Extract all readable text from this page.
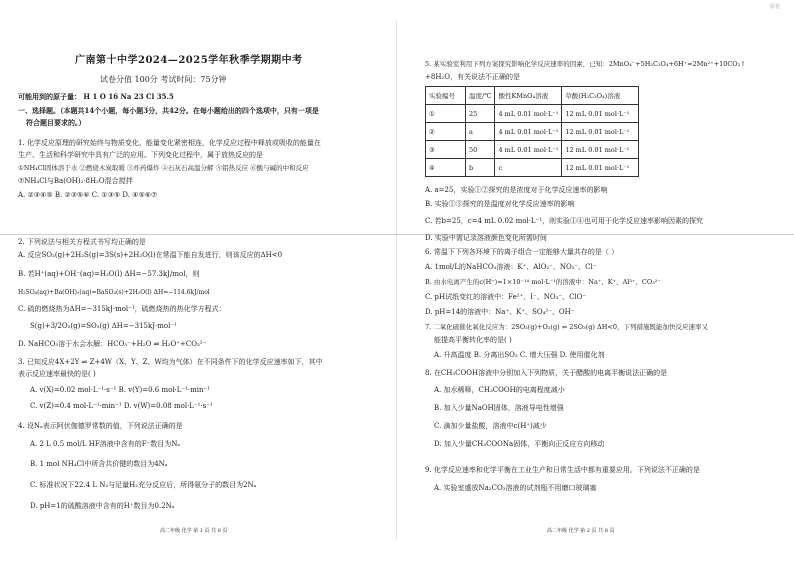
原卷
广南第十中学2024—2025学年秋季学期期中考
试卷分值 100分 考试时间：75分钟
可能用到的原子量： H 1 O 16 Na 23 Cl 35.5
一、选择题。（本题共14个小题，每小题3分，共42分。在每小题给出的四个选项中，只有一项是
符合题目要求的。）
1. 化学反应原理的研究始终与物质变化、能量变化紧密相连，化学反应过程中释放或吸收的能量在
生产、生活和科学研究中具有广泛的应用。下列变化过程中，属于放热反应的是
①NH₄Cl固体溶于水 ②燃烧木炭取暖 ③炸药爆炸 ④石灰石高温分解 ⑤铝热反应 ⑥酸与碱的中和反应
⑦NH₄Cl与Ba(OH)₂·8H₂O混合搅拌
A. ②③④⑤ B. ②③⑤⑥ C. ①③⑤ D. ④⑤⑥⑦
2. 下列说法与相关方程式书写均正确的是
A. 反应SO₂(g)+2H₂S(g)=3S(s)+2H₂O(l)在常温下能自发进行，则该反应的ΔH<0
B. 若H⁺(aq)+OH⁻(aq)=H₂O(l) ΔH=−57.3kJ/mol，则
H₂SO₄(aq)+Ba(OH)₂(aq)=BaSO₄(s)+2H₂O(l) ΔH=−114.6kJ/mol
C. 硫的燃烧热为ΔH=−315kJ·mol⁻¹，硫燃烧热的热化学方程式：
S(g)+3/2O₂(g)=SO₃(g) ΔH=−315kJ·mol⁻¹
D. NaHCO₃溶于水会水解：HCO₃⁻+H₂O ⇌ H₃O⁺+CO₃²⁻
3. 已知反应4X+2Y ⇌ Z+4W（X、Y、Z、W均为气体）在不同条件下的化学反应速率如下，其中
表示反应速率最快的是( )
A. v(X)=0.02 mol·L⁻¹·s⁻¹ B. v(Y)=0.6 mol·L⁻¹·min⁻¹
C. v(Z)=0.4 mol·L⁻¹·min⁻¹ D. v(W)=0.08 mol·L⁻¹·s⁻¹
4. 设Nₐ表示阿伏伽德罗常数的值，下列说法正确的是
A. 2 L 0.5 mol/L HF溶液中含有的F⁻数目为Nₐ
B. 1 mol NH₄Cl中所含共价键的数目为4Nₐ
C. 标准状况下22.4 L N₂与足量H₂充分反应后，所得氨分子的数目为2Nₐ
D. pH=1的硫酸溶液中含有的H⁺数目为0.2Nₐ
高二年级 化学 第 1 页 共 8 页
5. 某实验室利用下列方案探究影响化学反应速率的因素，已知：2MnO₄⁻+5H₂C₂O₄+6H⁺=2Mn²⁺+10CO₂↑
+8H₂O，有关说法不正确的是
A. a=25，实验①②探究的是浓度对于化学反应速率的影响
B. 实验①③探究的是温度对化学反应速率的影响
C. 若b=25，c=4 mL 0.02 mol·L⁻¹，则实验①④也可用于化学反应速率影响因素的探究
D. 实验中需记录溶液颜色变化所需时间
6. 常温下下列各环境下的离子组合一定能够大量共存的是（ ）
A. 1mol/L的NaHCO₃溶液：K⁺、AlO₂⁻、NO₃⁻、Cl⁻
B. 由水电离产生的c(H⁺)=1×10⁻¹⁴ mol·L⁻¹的溶液中：Na⁺、K⁺、Al³⁺、CO₃²⁻
C. pH试纸变红的溶液中：Fe²⁺、I⁻、NO₃⁻、ClO⁻
D. pH=14的溶液中：Na⁺、K⁺、SO₄²⁻、OH⁻
7. 二氧化硫催化氧化反应为：2SO₂(g)+O₂(g) ⇌ 2SO₃(g) ΔH<0，下列措施既能加快反应速率又
能提高平衡转化率的是( )
A. 升高温度 B. 分离出SO₃ C. 增大压强 D. 使用催化剂
8. 在CH₃COOH溶液中分别加入下列物质，关于醋酸的电离平衡说法正确的是
A. 加水稀释，CH₃COOH的电离程度减小
B. 加入少量NaOH固体，溶液导电性增强
C. 滴加少量盐酸，溶液中c(H⁺)减少
D. 加入少量CH₃COONa固体，平衡向正反应方向移动
9. 化学反应速率和化学平衡在工业生产和日常生活中都有重要应用。下列说法不正确的是
A. 实验室盛放Na₂CO₃溶液的试剂瓶不用磨口玻璃塞
高二年级 化学 第 2 页 共 8 页
实验编号	温度/℃	酸性KMnO₄溶液	草酸(H₂C₂O₄)溶液
①	25	4 mL 0.01 mol·L⁻¹	12 mL 0.01 mol·L⁻¹
②	a	4 mL 0.01 mol·L⁻¹	12 mL 0.01 mol·L⁻¹
③	50	4 mL 0.01 mol·L⁻¹	12 mL 0.01 mol·L⁻¹
④	b	c	12 mL 0.01 mol·L⁻¹
